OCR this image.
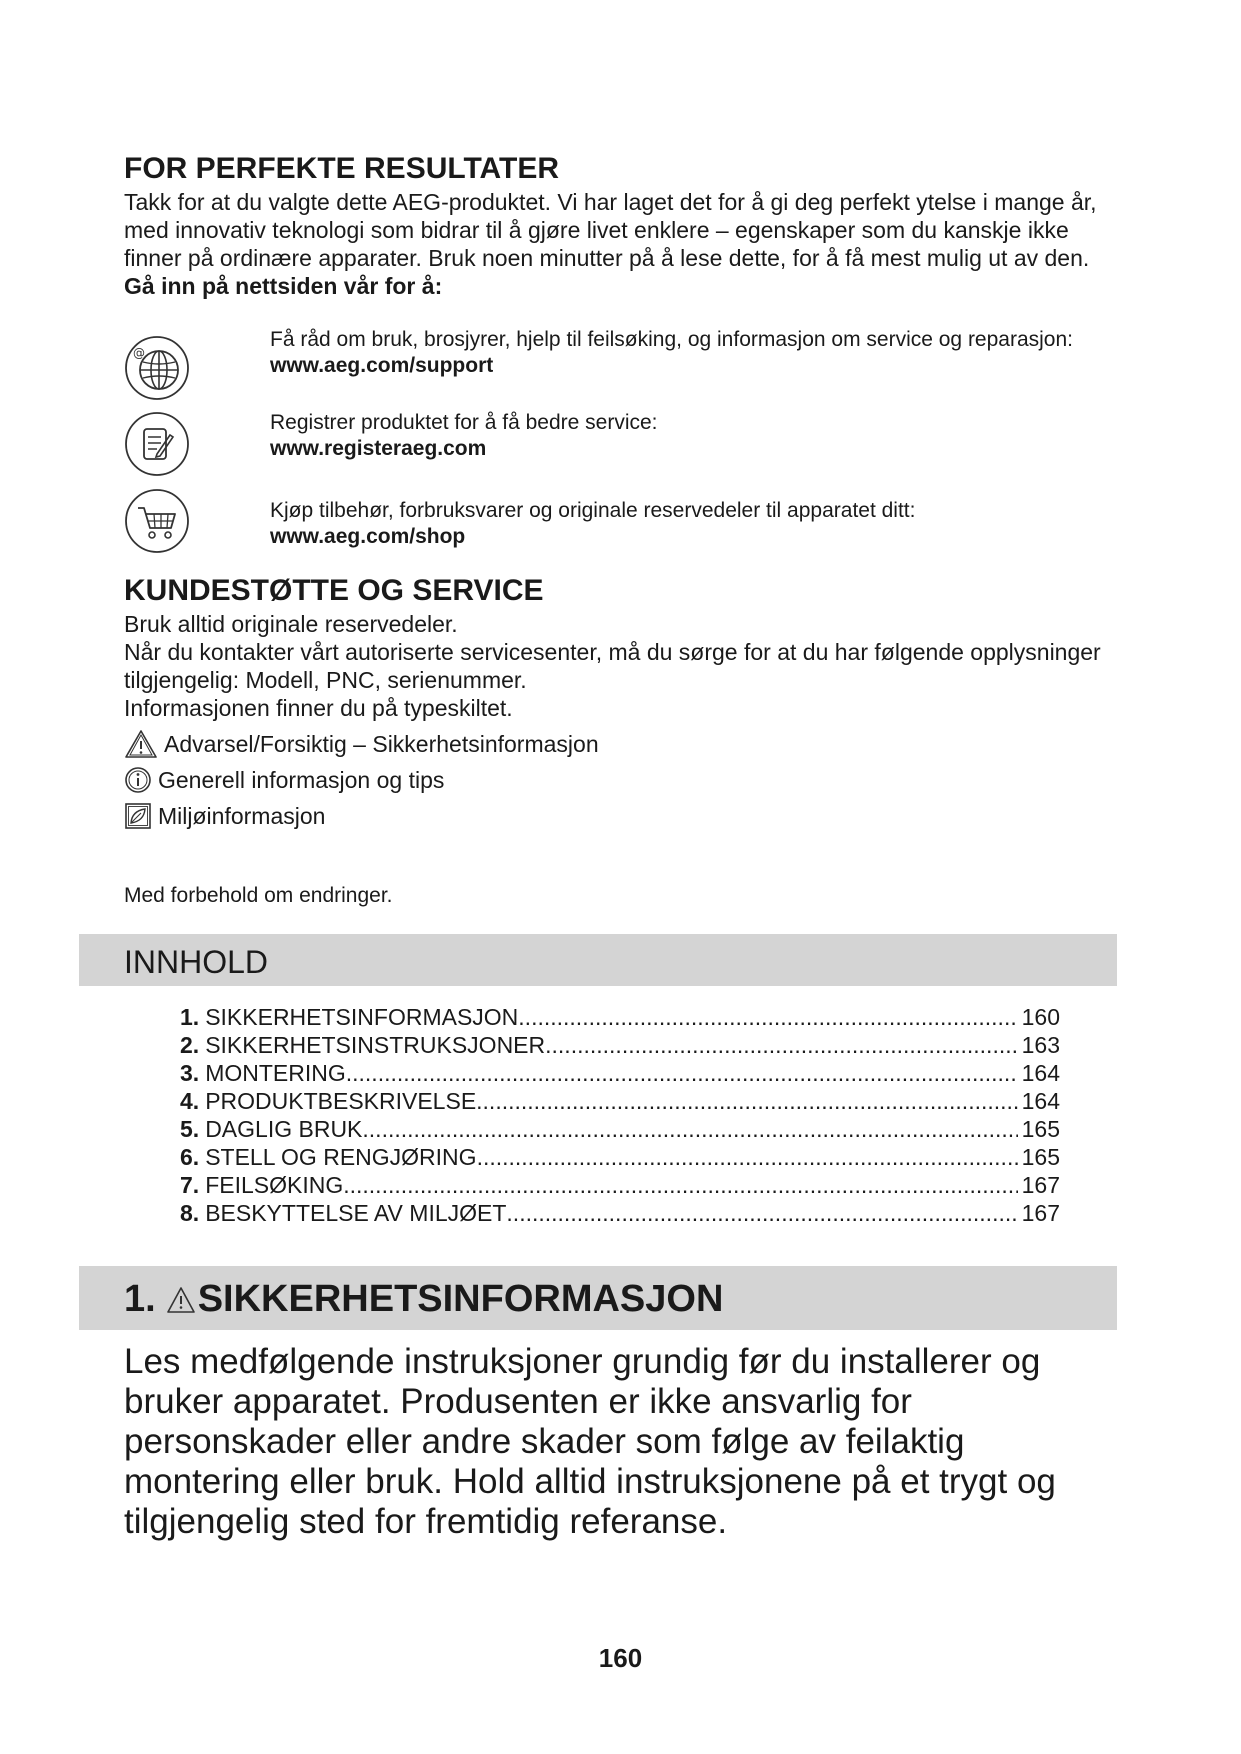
FOR PERFEKTE RESULTATER

Takk for at du valgte dette AEG-produktet. Vi har laget det for å gi deg perfekt ytelse i mange år, med innovativ teknologi som bidrar til å gjøre livet enklere – egenskaper som du kanskje ikke finner på ordinære apparater. Bruk noen minutter på å lese dette, for å få mest mulig ut av den.

Gå inn på nettsiden vår for å:

@
Få råd om bruk, brosjyrer, hjelp til feilsøking, og informasjon om service og reparasjon:
www.aeg.com/support
Registrer produktet for å få bedre service:
www.registeraeg.com
Kjøp tilbehør, forbruksvarer og originale reservedeler til apparatet ditt:
www.aeg.com/shop
KUNDESTØTTE OG SERVICE

Bruk alltid originale reservedeler.

Når du kontakter vårt autoriserte servicesenter, må du sørge for at du har følgende opplysninger tilgjengelig: Modell, PNC, serienummer.

Informasjonen finner du på typeskiltet.

Advarsel/Forsiktig – Sikkerhetsinformasjon
Generell informasjon og tips
Miljøinformasjon
Med forbehold om endringer.
INNHOLD
1. SIKKERHETSINFORMASJON .....	160
2. SIKKERHETSINSTRUKSJONER .....	163
3. MONTERING .....	164
4. PRODUKTBESKRIVELSE .....	164
5. DAGLIG BRUK .....	165
6. STELL OG RENGJØRING .....	165
7. FEILSØKING .....	167
8. BESKYTTELSE AV MILJØET .....	167
1. SIKKERHETSINFORMASJON
Les medfølgende instruksjoner grundig før du installerer og bruker apparatet. Produsenten er ikke ansvarlig for personskader eller andre skader som følge av feilaktig montering eller bruk. Hold alltid instruksjonene på et trygt og tilgjengelig sted for fremtidig referanse.
160
